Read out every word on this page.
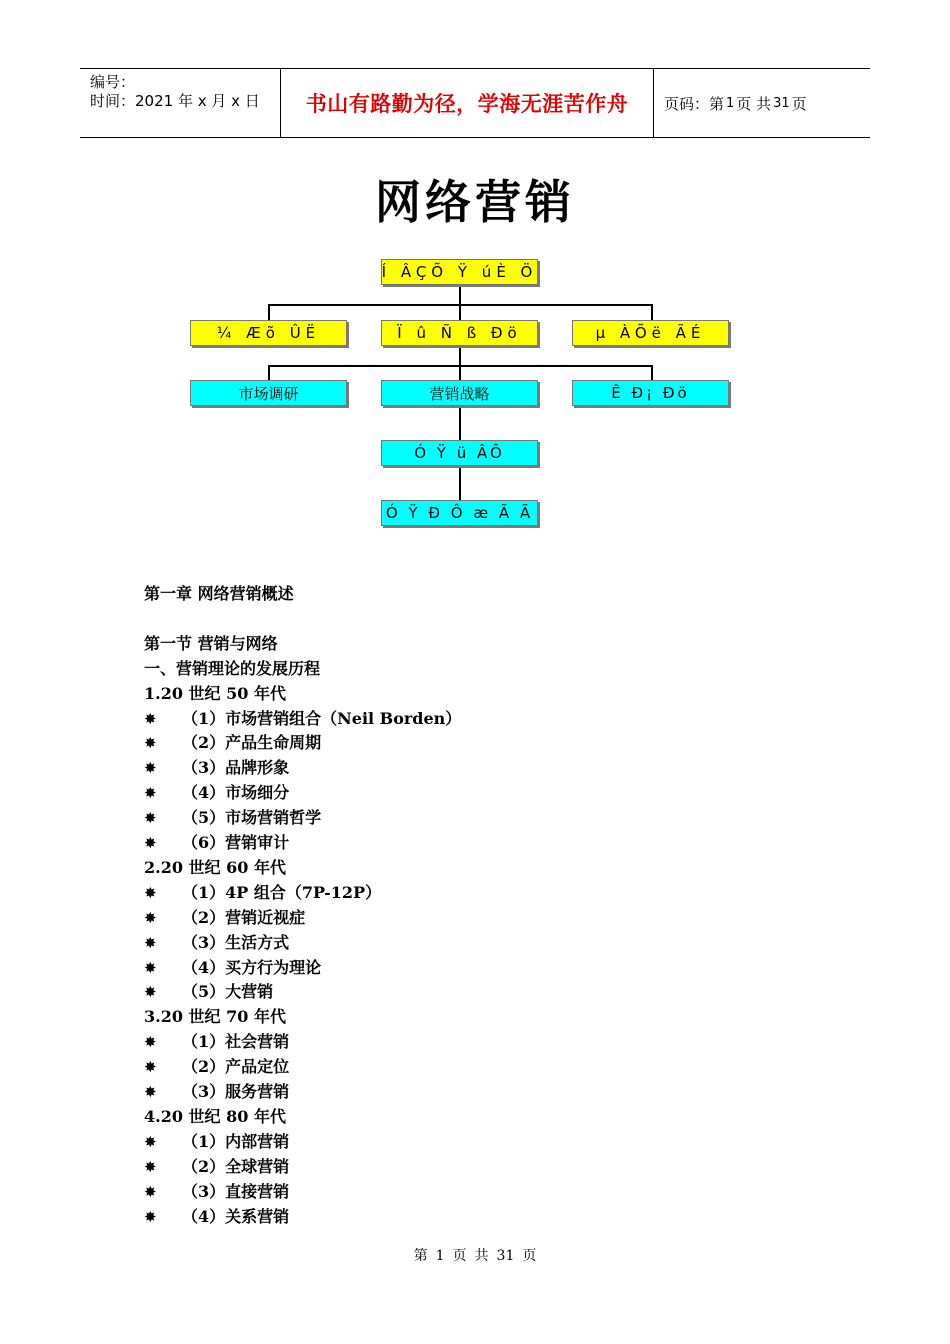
编号：
时间：2021 年 x 月 x 日	书山有路勤为径，学海无涯苦作舟	页码：第 1 页 共 31 页
网络营销
Í ÂÇÕ Ÿ úÈ Ö
¼ Æõ ÛË	Ï û Ñ ß Ðö	µ ÀÕë ÃÉ
市场调研	营销战略	Ê Ð¡ Ðö
Ó Ÿ ü ÂÔ
Ó Ÿ Ð Ô æ Ã Ã
第一章 网络营销概述
第一节 营销与网络
一、营销理论的发展历程
1.20 世纪 50 年代
✸ （1）市场营销组合（Neil Borden）
✸ （2）产品生命周期
✸ （3）品牌形象
✸ （4）市场细分
✸ （5）市场营销哲学
✸ （6）营销审计
2.20 世纪 60 年代
✸ （1）4P 组合（7P-12P）
✸ （2）营销近视症
✸ （3）生活方式
✸ （4）买方行为理论
✸ （5）大营销
3.20 世纪 70 年代
✸ （1）社会营销
✸ （2）产品定位
✸ （3）服务营销
4.20 世纪 80 年代
✸ （1）内部营销
✸ （2）全球营销
✸ （3）直接营销
✸ （4）关系营销
第 1 页 共 31 页
